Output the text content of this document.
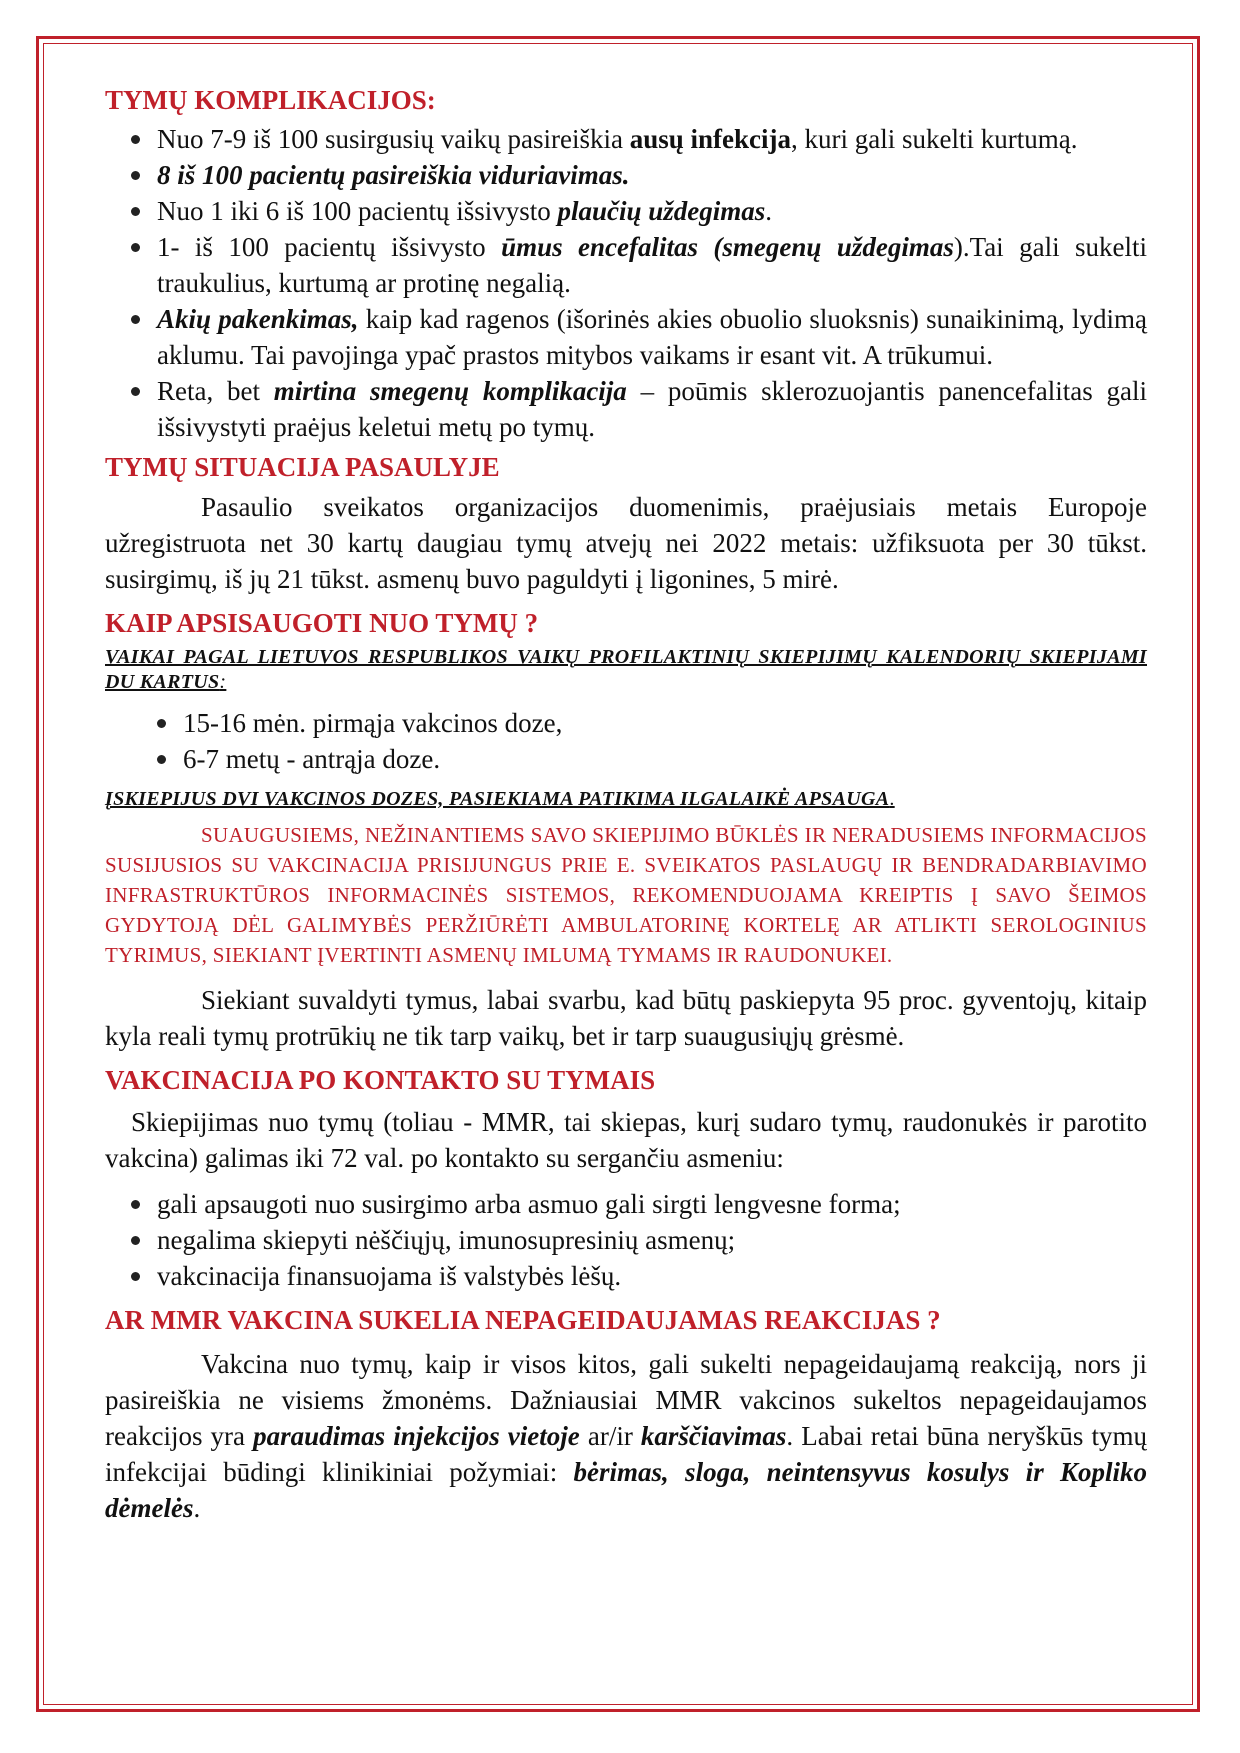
TYMŲ KOMPLIKACIJOS:
Nuo 7-9 iš 100 susirgusių vaikų pasireiškia ausų infekcija, kuri gali sukelti kurtumą.
8 iš 100 pacientų pasireiškia viduriavimas.
Nuo 1 iki 6 iš 100 pacientų išsivysto plaučių uždegimas.
1- iš 100 pacientų išsivysto ūmus encefalitas (smegenų uždegimas).Tai gali sukelti traukulius, kurtumą ar protinę negalią.
Akių pakenkimas, kaip kad ragenos (išorinės akies obuolio sluoksnis) sunaikinimą, lydimą aklumu. Tai pavojinga ypač prastos mitybos vaikams ir esant vit. A trūkumui.
Reta, bet mirtina smegenų komplikacija – poūmis sklerozuojantis panencefalitas gali išsivystyti praėjus keletui metų po tymų.
TYMŲ SITUACIJA PASAULYJE

Pasaulio sveikatos organizacijos duomenimis, praėjusiais metais Europoje užregistruota net 30 kartų daugiau tymų atvejų nei 2022 metais: užfiksuota per 30 tūkst. susirgimų, iš jų 21 tūkst. asmenų buvo paguldyti į ligonines, 5 mirė.

KAIP APSISAUGOTI NUO TYMŲ ?

VAIKAI PAGAL LIETUVOS RESPUBLIKOS VAIKŲ PROFILAKTINIŲ SKIEPIJIMŲ KALENDORIŲ SKIEPIJAMI DU KARTUS:

15-16 mėn. pirmąja vakcinos doze,
6-7 metų - antrąja doze.

ĮSKIEPIJUS DVI VAKCINOS DOZES, PASIEKIAMA PATIKIMA ILGALAIKĖ APSAUGA.

SUAUGUSIEMS, NEŽINANTIEMS SAVO SKIEPIJIMO BŪKLĖS IR NERADUSIEMS INFORMACIJOS SUSIJUSIOS SU VAKCINACIJA PRISIJUNGUS PRIE E. SVEIKATOS PASLAUGŲ IR BENDRADARBIAVIMO INFRASTRUKTŪROS INFORMACINĖS SISTEMOS, REKOMENDUOJAMA KREIPTIS Į SAVO ŠEIMOS GYDYTOJĄ DĖL GALIMYBĖS PERŽIŪRĖTI AMBULATORINĘ KORTELĘ AR ATLIKTI SEROLOGINIUS TYRIMUS, SIEKIANT ĮVERTINTI ASMENŲ IMLUMĄ TYMAMS IR RAUDONUKEI.

Siekiant suvaldyti tymus, labai svarbu, kad būtų paskiepyta 95 proc. gyventojų, kitaip kyla reali tymų protrūkių ne tik tarp vaikų, bet ir tarp suaugusiųjų grėsmė.

VAKCINACIJA PO KONTAKTO SU TYMAIS

Skiepijimas nuo tymų (toliau - MMR, tai skiepas, kurį sudaro tymų, raudonukės ir parotito vakcina) galimas iki 72 val. po kontakto su sergančiu asmeniu:

gali apsaugoti nuo susirgimo arba asmuo gali sirgti lengvesne forma;
negalima skiepyti nėščiųjų, imunosupresinių asmenų;
vakcinacija finansuojama iš valstybės lėšų.
AR MMR VAKCINA SUKELIA NEPAGEIDAUJAMAS REAKCIJAS ?

Vakcina nuo tymų, kaip ir visos kitos, gali sukelti nepageidaujamą reakciją, nors ji pasireiškia ne visiems žmonėms. Dažniausiai MMR vakcinos sukeltos nepageidaujamos reakcijos yra paraudimas injekcijos vietoje ar/ir karščiavimas. Labai retai būna neryškūs tymų infekcijai būdingi klinikiniai požymiai: bėrimas, sloga, neintensyvus kosulys ir Kopliko dėmelės.
